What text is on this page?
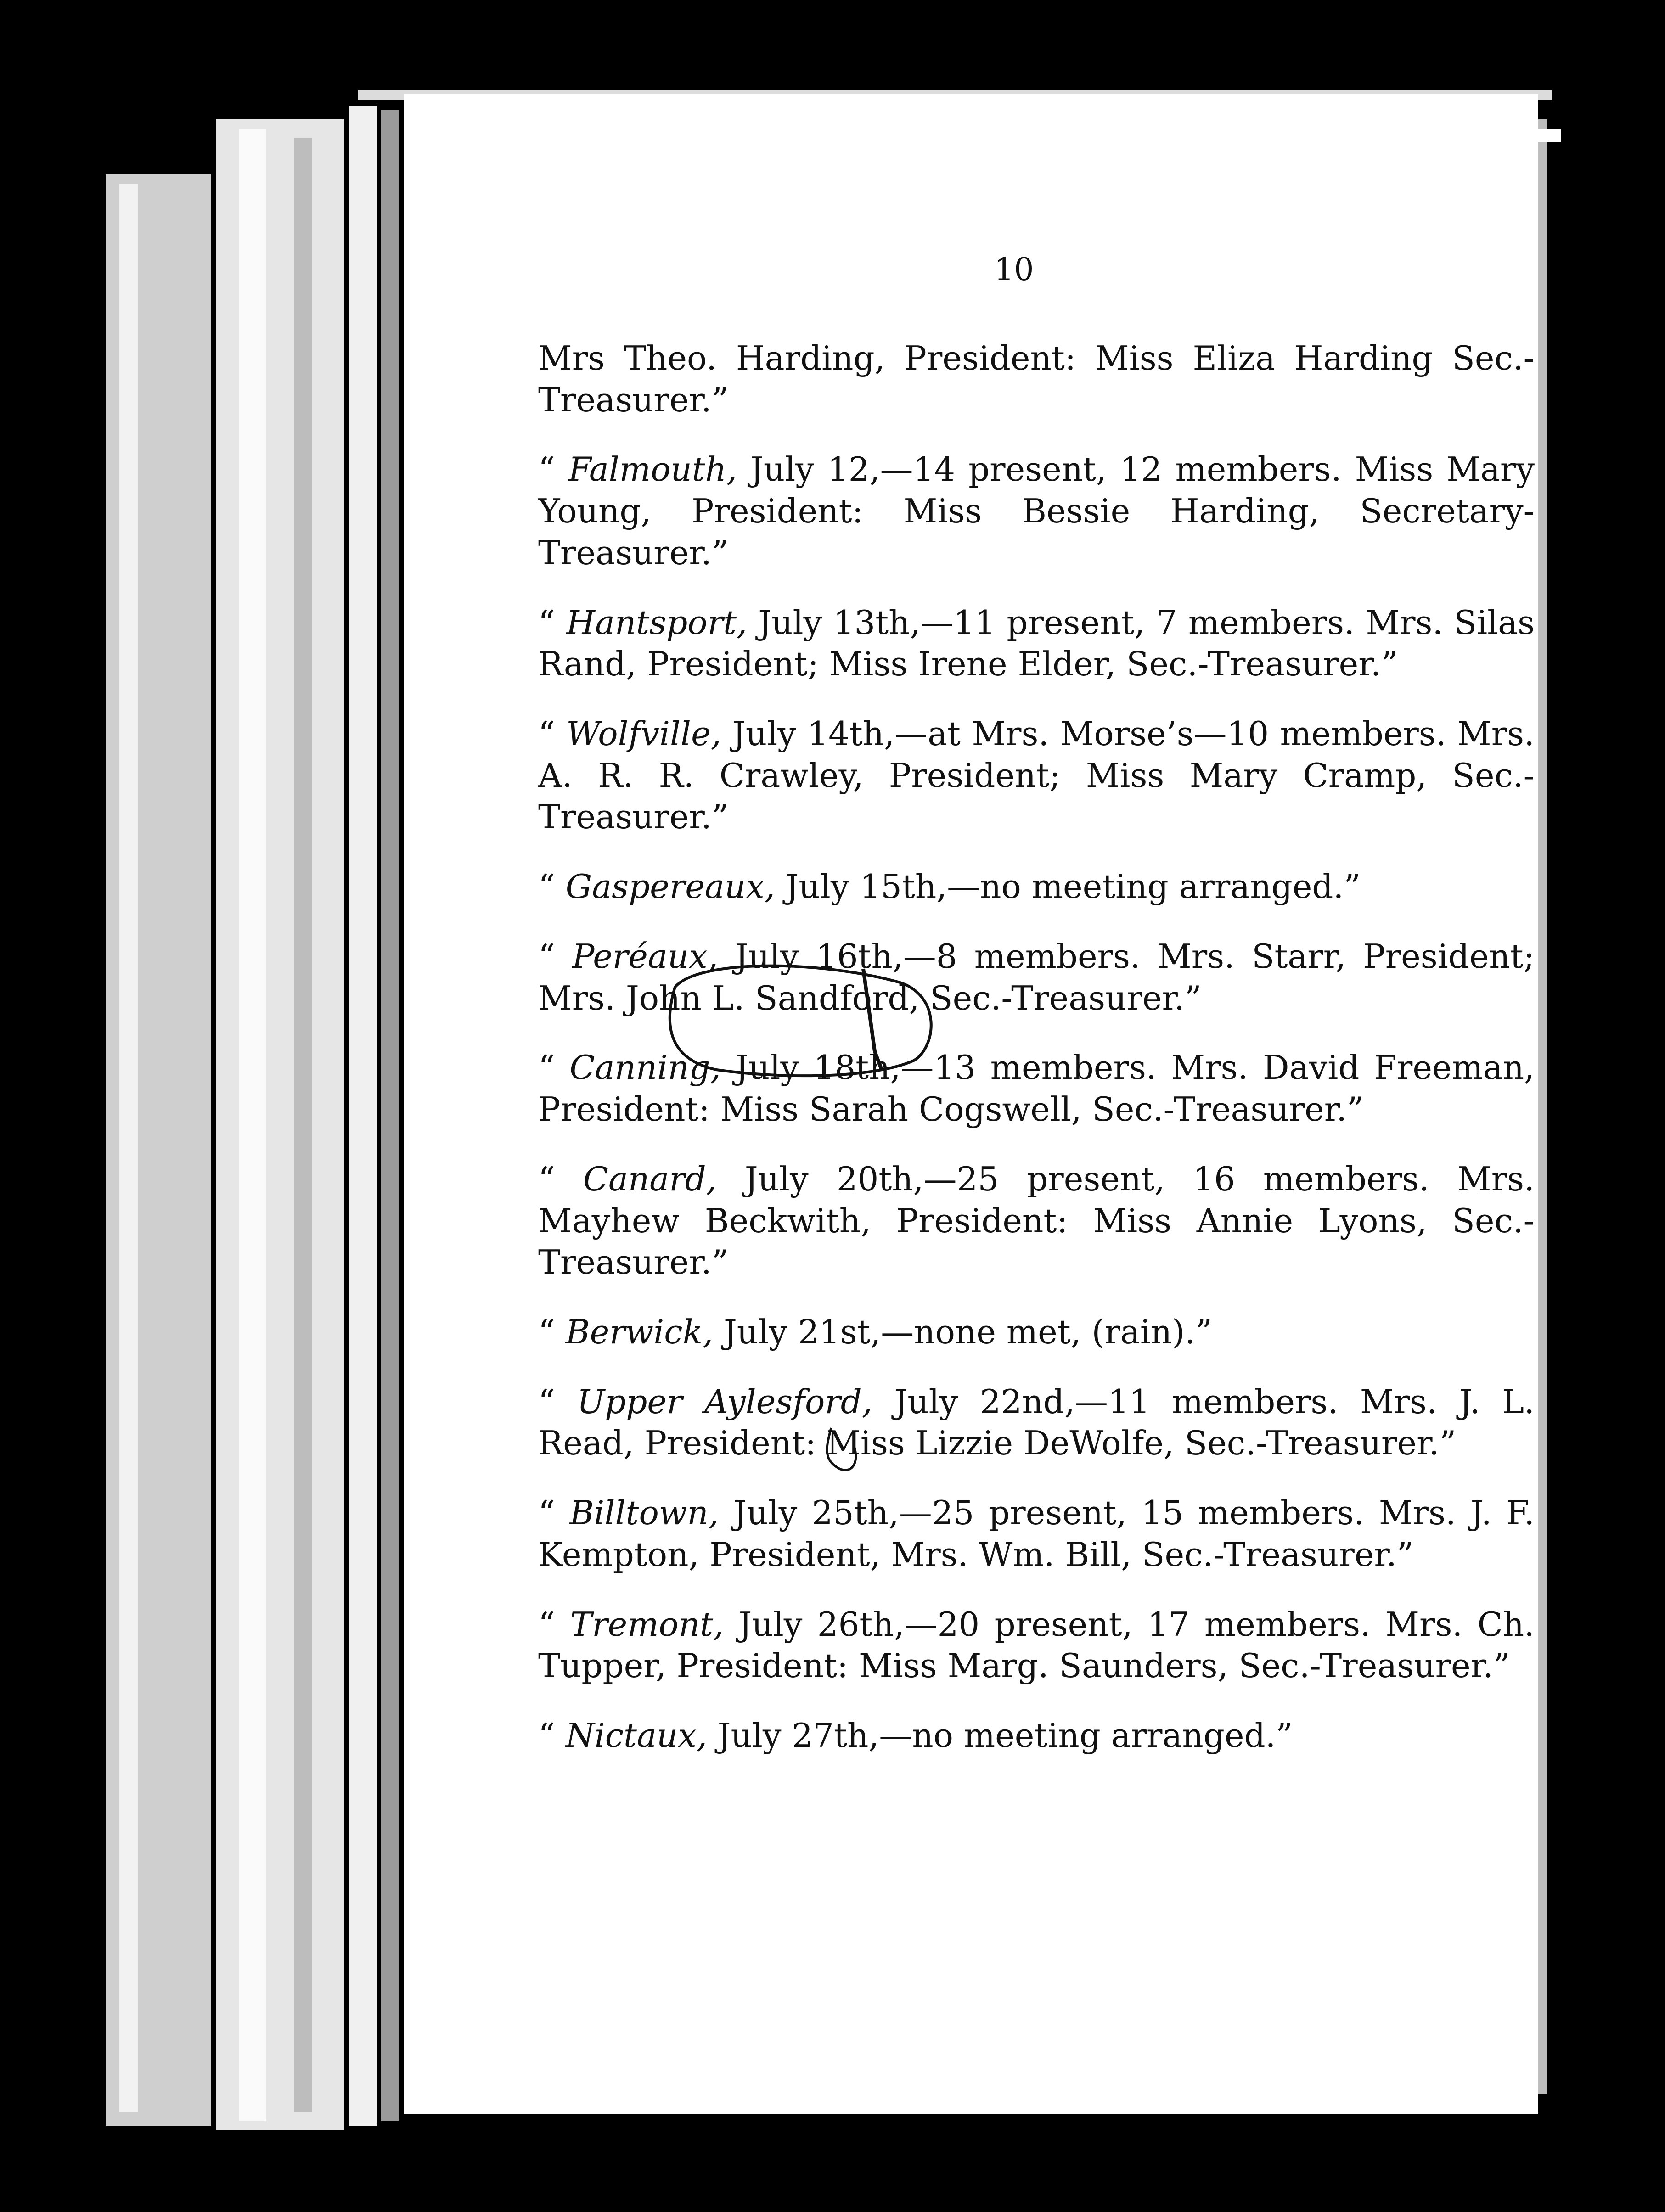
10

Mrs Theo. Harding, President: Miss Eliza Harding Sec.-Treasurer.”

“ Falmouth, July 12,—14 present, 12 members. Miss Mary Young, President: Miss Bessie Harding, Secretary-Treasurer.”

“ Hantsport, July 13th,—11 present, 7 members. Mrs. Silas Rand, President; Miss Irene Elder, Sec.-Treasurer.”

“ Wolfville, July 14th,—at Mrs. Morse’s—10 members. Mrs. A. R. R. Crawley, President; Miss Mary Cramp, Sec.-Treasurer.”

“ Gaspereaux, July 15th,—no meeting arranged.”

“ Peréaux, July 16th,—8 members. Mrs. Starr, President; Mrs. John L. Sandford, Sec.-Treasurer.”

“ Canning, July 18th,—13 members. Mrs. David Freeman, President: Miss Sarah Cogswell, Sec.-Treasurer.”

“ Canard, July 20th,—25 present, 16 members. Mrs. Mayhew Beckwith, President: Miss Annie Lyons, Sec.-Treasurer.”

“ Berwick, July 21st,—none met, (rain).”

“ Upper Aylesford, July 22nd,—11 members. Mrs. J. L. Read, President: Miss Lizzie DeWolfe, Sec.-Treasurer.”

“ Billtown, July 25th,—25 present, 15 members. Mrs. J. F. Kempton, President, Mrs. Wm. Bill, Sec.-Treasurer.”

“ Tremont, July 26th,—20 present, 17 members. Mrs. Ch. Tupper, President: Miss Marg. Saunders, Sec.-Treasurer.”

“ Nictaux, July 27th,—no meeting arranged.”
